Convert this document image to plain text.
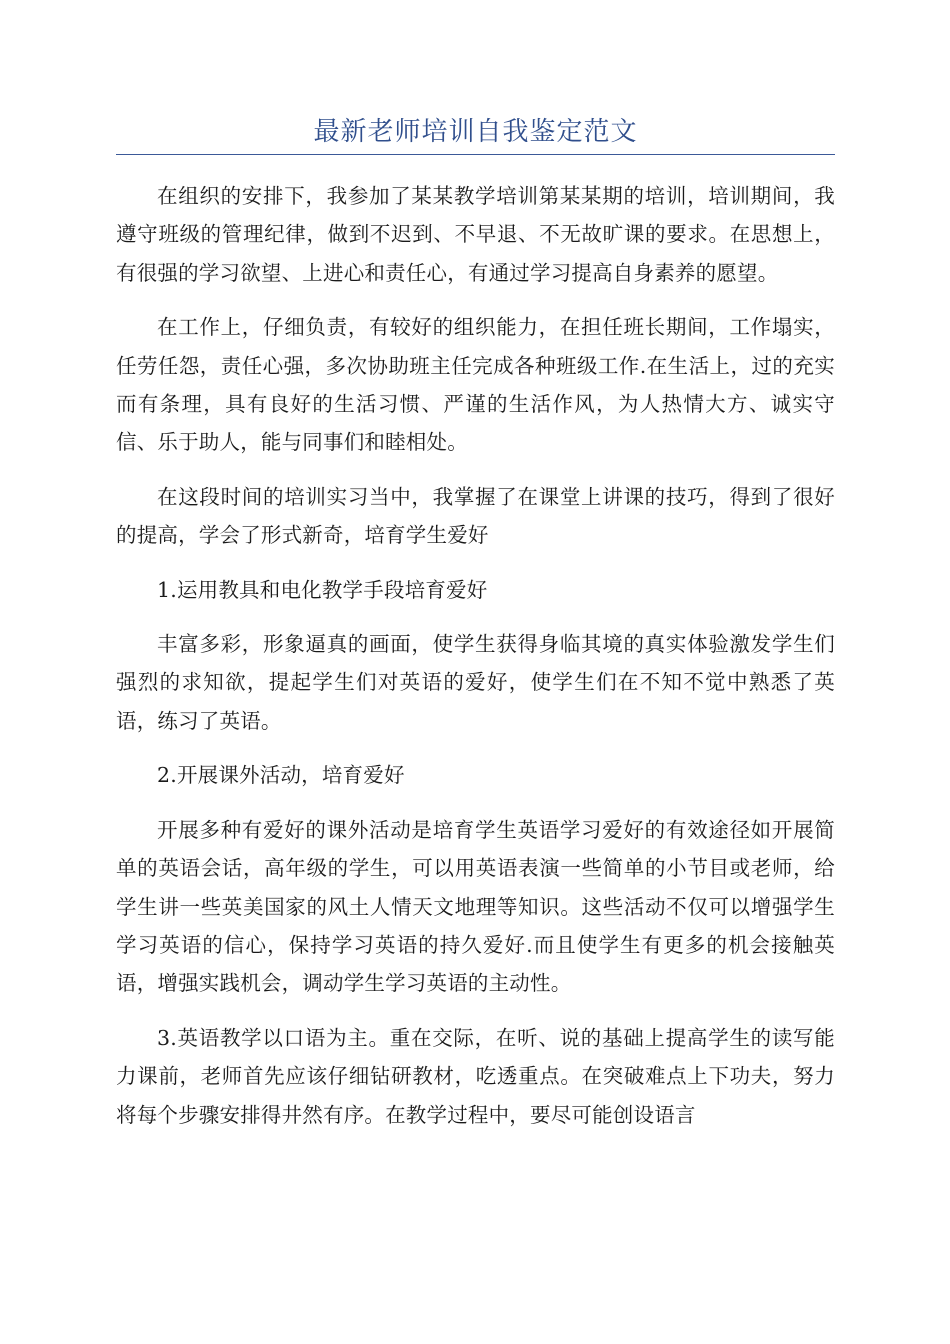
最新老师培训自我鉴定范文

在组织的安排下，我参加了某某教学培训第某某期的培训，培训期间，我遵守班级的管理纪律，做到不迟到、不早退、不无故旷课的要求。在思想上，有很强的学习欲望、上进心和责任心，有通过学习提高自身素养的愿望。

在工作上，仔细负责，有较好的组织能力，在担任班长期间，工作塌实，任劳任怨，责任心强，多次协助班主任完成各种班级工作.在生活上，过的充实而有条理，具有良好的生活习惯、严谨的生活作风，为人热情大方、诚实守信、乐于助人，能与同事们和睦相处。

在这段时间的培训实习当中，我掌握了在课堂上讲课的技巧，得到了很好的提高，学会了形式新奇，培育学生爱好

1.运用教具和电化教学手段培育爱好

丰富多彩，形象逼真的画面，使学生获得身临其境的真实体验激发学生们强烈的求知欲，提起学生们对英语的爱好，使学生们在不知不觉中熟悉了英语，练习了英语。

2.开展课外活动，培育爱好

开展多种有爱好的课外活动是培育学生英语学习爱好的有效途径如开展简单的英语会话，高年级的学生，可以用英语表演一些简单的小节目或老师，给学生讲一些英美国家的风土人情天文地理等知识。这些活动不仅可以增强学生学习英语的信心，保持学习英语的持久爱好.而且使学生有更多的机会接触英语，增强实践机会，调动学生学习英语的主动性。

3.英语教学以口语为主。重在交际，在听、说的基础上提高学生的读写能力课前，老师首先应该仔细钻研教材，吃透重点。在突破难点上下功夫，努力将每个步骤安排得井然有序。在教学过程中，要尽可能创设语言
